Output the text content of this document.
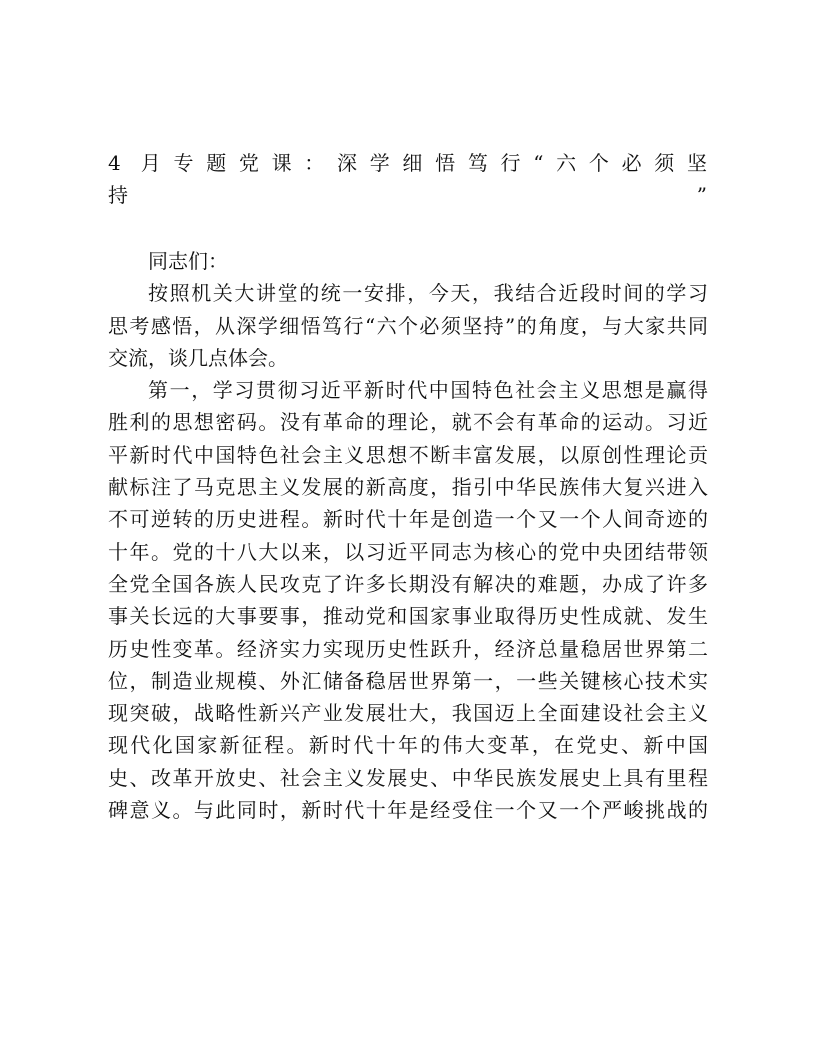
4 月专题党课：深学细悟笃行“六个必须坚
持”
同志们：
按照机关大讲堂的统一安排，今天，我结合近段时间的学习
思考感悟，从深学细悟笃行“六个必须坚持”的角度，与大家共同
交流，谈几点体会。
第一，学习贯彻习近平新时代中国特色社会主义思想是赢得
胜利的思想密码。没有革命的理论，就不会有革命的运动。习近
平新时代中国特色社会主义思想不断丰富发展，以原创性理论贡
献标注了马克思主义发展的新高度，指引中华民族伟大复兴进入
不可逆转的历史进程。新时代十年是创造一个又一个人间奇迹的
十年。党的十八大以来，以习近平同志为核心的党中央团结带领
全党全国各族人民攻克了许多长期没有解决的难题，办成了许多
事关长远的大事要事，推动党和国家事业取得历史性成就、发生
历史性变革。经济实力实现历史性跃升，经济总量稳居世界第二
位，制造业规模、外汇储备稳居世界第一，一些关键核心技术实
现突破，战略性新兴产业发展壮大，我国迈上全面建设社会主义
现代化国家新征程。新时代十年的伟大变革，在党史、新中国
史、改革开放史、社会主义发展史、中华民族发展史上具有里程
碑意义。与此同时，新时代十年是经受住一个又一个严峻挑战的
